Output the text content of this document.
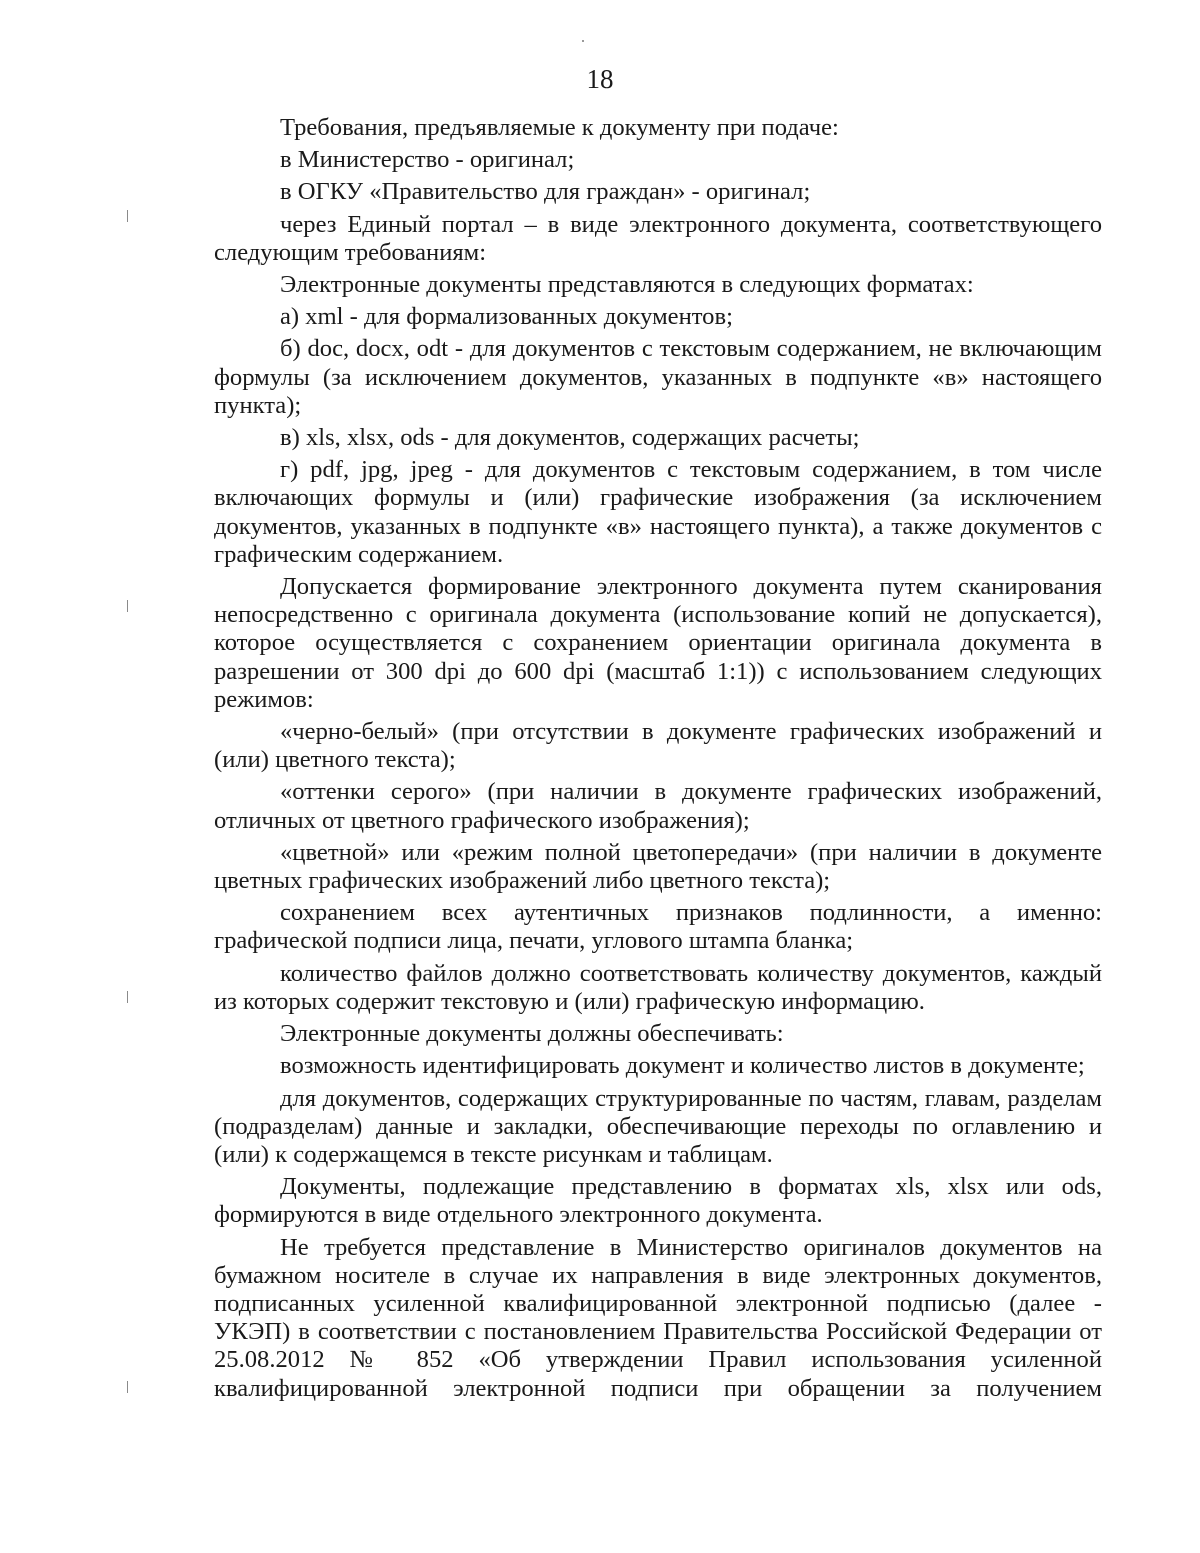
18

Требования, предъявляемые к документу при подаче:

в Министерство - оригинал;

в ОГКУ «Правительство для граждан» - оригинал;

через Единый портал – в виде электронного документа, соответствующего следующим требованиям:

Электронные документы представляются в следующих форматах:

а) xml - для формализованных документов;

б) doc, docx, odt - для документов с текстовым содержанием, не включающим формулы (за исключением документов, указанных в подпункте «в» настоящего пункта);

в) xls, xlsx, ods - для документов, содержащих расчеты;

г) pdf, jpg, jpeg - для документов с текстовым содержанием, в том числе включающих формулы и (или) графические изображения (за исключением документов, указанных в подпункте «в» настоящего пункта), а также документов с графическим содержанием.

Допускается формирование электронного документа путем сканирования непосредственно с оригинала документа (использование копий не допускается), которое осуществляется с сохранением ориентации оригинала документа в разрешении от 300 dpi до 600 dpi (масштаб 1:1)) с использованием следующих режимов:

«черно-белый» (при отсутствии в документе графических изображений и (или) цветного текста);

«оттенки серого» (при наличии в документе графических изображений, отличных от цветного графического изображения);

«цветной» или «режим полной цветопередачи» (при наличии в документе цветных графических изображений либо цветного текста);

сохранением всех аутентичных признаков подлинности, а именно: графической подписи лица, печати, углового штампа бланка;

количество файлов должно соответствовать количеству документов, каждый из которых содержит текстовую и (или) графическую информацию.

Электронные документы должны обеспечивать:

возможность идентифицировать документ и количество листов в документе;

для документов, содержащих структурированные по частям, главам, разделам (подразделам) данные и закладки, обеспечивающие переходы по оглавлению и (или) к содержащемся в тексте рисункам и таблицам.

Документы, подлежащие представлению в форматах xls, xlsx или ods, формируются в виде отдельного электронного документа.

Не требуется представление в Министерство оригиналов документов на бумажном носителе в случае их направления в виде электронных документов, подписанных усиленной квалифицированной электронной подписью (далее - УКЭП) в соответствии с постановлением Правительства Российской Федерации от 25.08.2012 № 852 «Об утверждении Правил использования усиленной квалифицированной электронной подписи при обращении за получением
